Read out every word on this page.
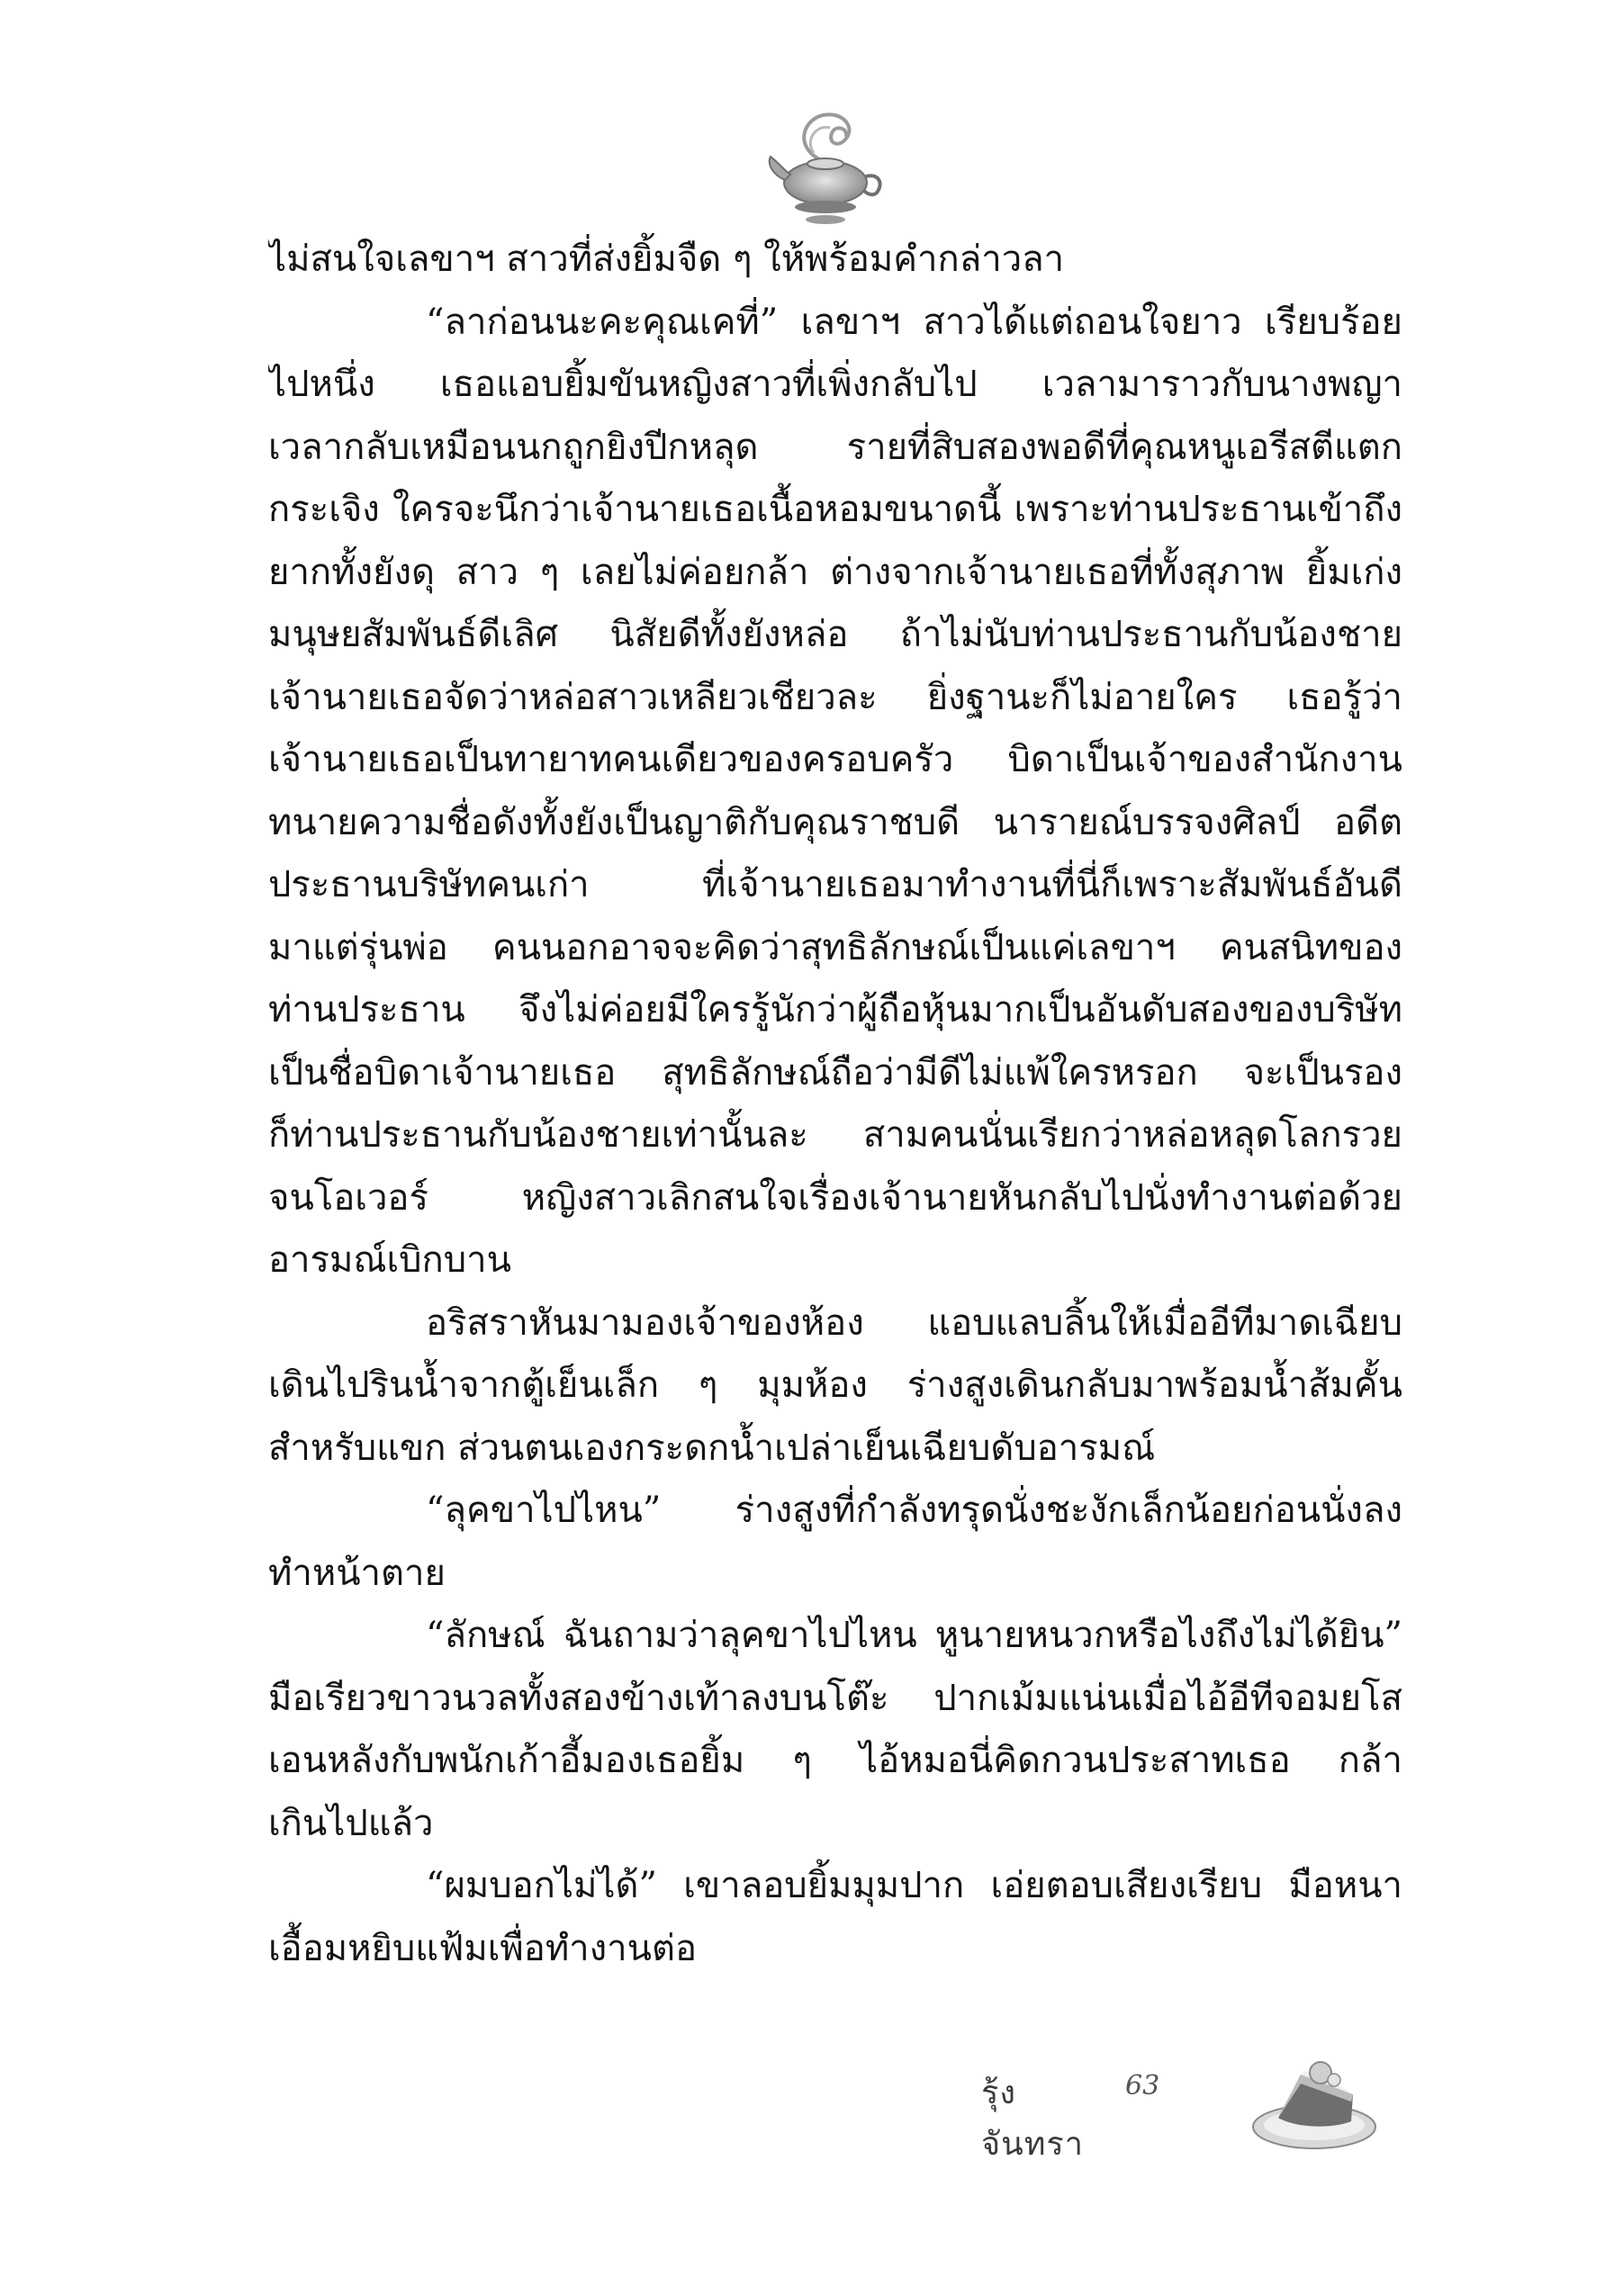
ไม่สนใจเลขาฯ สาวที่ส่งยิ้มจืด ๆ ให้พร้อมคำกล่าวลา
“ลาก่อนนะคะคุณเคที่” เลขาฯ สาวได้แต่ถอนใจยาว เรียบร้อย
ไปหนึ่ง เธอแอบยิ้มขันหญิงสาวที่เพิ่งกลับไป เวลามาราวกับนางพญา
เวลากลับเหมือนนกถูกยิงปีกหลุด รายที่สิบสองพอดีที่คุณหนูเอรีสตีแตก
กระเจิง ใครจะนึกว่าเจ้านายเธอเนื้อหอมขนาดนี้ เพราะท่านประธานเข้าถึง
ยากทั้งยังดุ สาว ๆ เลยไม่ค่อยกล้า ต่างจากเจ้านายเธอที่ทั้งสุภาพ ยิ้มเก่ง
มนุษยสัมพันธ์ดีเลิศ นิสัยดีทั้งยังหล่อ ถ้าไม่นับท่านประธานกับน้องชาย
เจ้านายเธอจัดว่าหล่อสาวเหลียวเชียวละ ยิ่งฐานะก็ไม่อายใคร เธอรู้ว่า
เจ้านายเธอเป็นทายาทคนเดียวของครอบครัว บิดาเป็นเจ้าของสำนักงาน
ทนายความชื่อดังทั้งยังเป็นญาติกับคุณราชบดี นารายณ์บรรจงศิลป์ อดีต
ประธานบริษัทคนเก่า ที่เจ้านายเธอมาทำงานที่นี่ก็เพราะสัมพันธ์อันดี
มาแต่รุ่นพ่อ คนนอกอาจจะคิดว่าสุทธิลักษณ์เป็นแค่เลขาฯ คนสนิทของ
ท่านประธาน จึงไม่ค่อยมีใครรู้นักว่าผู้ถือหุ้นมากเป็นอันดับสองของบริษัท
เป็นชื่อบิดาเจ้านายเธอ สุทธิลักษณ์ถือว่ามีดีไม่แพ้ใครหรอก จะเป็นรอง
ก็ท่านประธานกับน้องชายเท่านั้นละ สามคนนั่นเรียกว่าหล่อหลุดโลกรวย
จนโอเวอร์ หญิงสาวเลิกสนใจเรื่องเจ้านายหันกลับไปนั่งทำงานต่อด้วย
อารมณ์เบิกบาน
อริสราหันมามองเจ้าของห้อง แอบแลบลิ้นให้เมื่ออีทีมาดเฉียบ
เดินไปรินน้ำจากตู้เย็นเล็ก ๆ มุมห้อง ร่างสูงเดินกลับมาพร้อมน้ำส้มคั้น
สำหรับแขก ส่วนตนเองกระดกน้ำเปล่าเย็นเฉียบดับอารมณ์
“ลุคขาไปไหน” ร่างสูงที่กำลังทรุดนั่งชะงักเล็กน้อยก่อนนั่งลง
ทำหน้าตาย
“ลักษณ์ ฉันถามว่าลุคขาไปไหน หูนายหนวกหรือไงถึงไม่ได้ยิน”
มือเรียวขาวนวลทั้งสองข้างเท้าลงบนโต๊ะ ปากเม้มแน่นเมื่อไอ้อีทีจอมยโส
เอนหลังกับพนักเก้าอี้มองเธอยิ้ม ๆ ไอ้หมอนี่คิดกวนประสาทเธอ กล้า
เกินไปแล้ว
“ผมบอกไม่ได้” เขาลอบยิ้มมุมปาก เอ่ยตอบเสียงเรียบ มือหนา
เอื้อมหยิบแฟ้มเพื่อทำงานต่อ
รุ้งจันทรา
63
